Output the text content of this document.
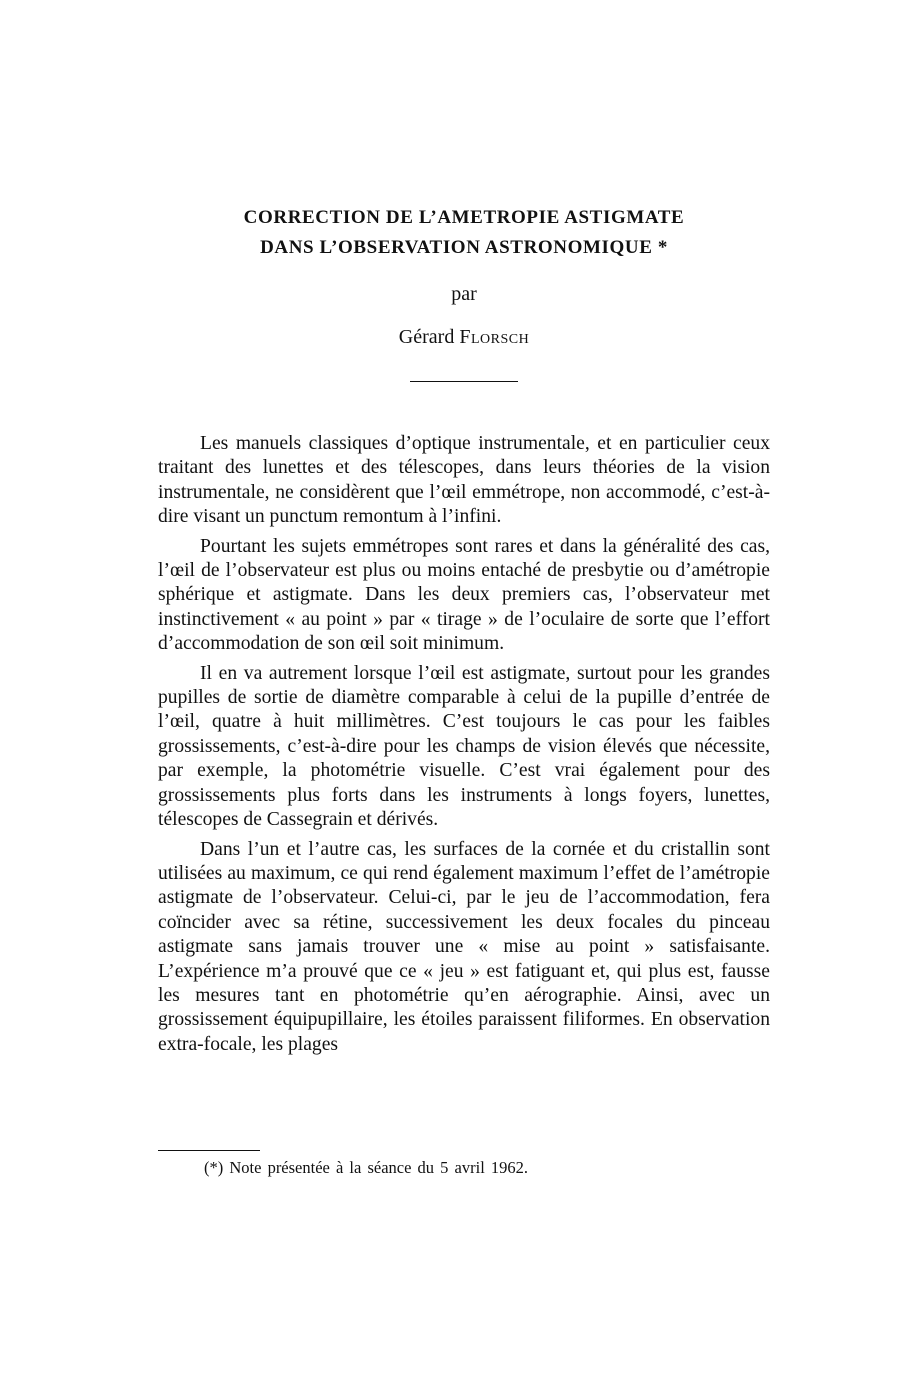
CORRECTION DE L’AMETROPIE ASTIGMATE
DANS L’OBSERVATION ASTRONOMIQUE *
par
Gérard Florsch

Les manuels classiques d’optique instrumentale, et en particulier ceux traitant des lunettes et des télescopes, dans leurs théories de la vision instrumentale, ne considèrent que l’œil emmétrope, non accommodé, c’est-à-dire visant un punctum remontum à l’infini.

Pourtant les sujets emmétropes sont rares et dans la généralité des cas, l’œil de l’observateur est plus ou moins entaché de presbytie ou d’amétropie sphérique et astigmate. Dans les deux premiers cas, l’observateur met instinctivement « au point » par « tirage » de l’oculaire de sorte que l’effort d’accommodation de son œil soit minimum.

Il en va autrement lorsque l’œil est astigmate, surtout pour les grandes pupilles de sortie de diamètre comparable à celui de la pupille d’entrée de l’œil, quatre à huit millimètres. C’est toujours le cas pour les faibles grossissements, c’est-à-dire pour les champs de vision élevés que nécessite, par exemple, la photométrie visuelle. C’est vrai également pour des grossissements plus forts dans les instruments à longs foyers, lunettes, télescopes de Cassegrain et dérivés.

Dans l’un et l’autre cas, les surfaces de la cornée et du cristallin sont utilisées au maximum, ce qui rend également maximum l’effet de l’amétropie astigmate de l’observateur. Celui-ci, par le jeu de l’accommodation, fera coïncider avec sa rétine, successivement les deux focales du pinceau astigmate sans jamais trouver une « mise au point » satisfaisante. L’expérience m’a prouvé que ce « jeu » est fatiguant et, qui plus est, fausse les mesures tant en photométrie qu’en aérographie. Ainsi, avec un grossissement équipupillaire, les étoiles paraissent filiformes. En observation extra-focale, les plages

(*) Note présentée à la séance du 5 avril 1962.
